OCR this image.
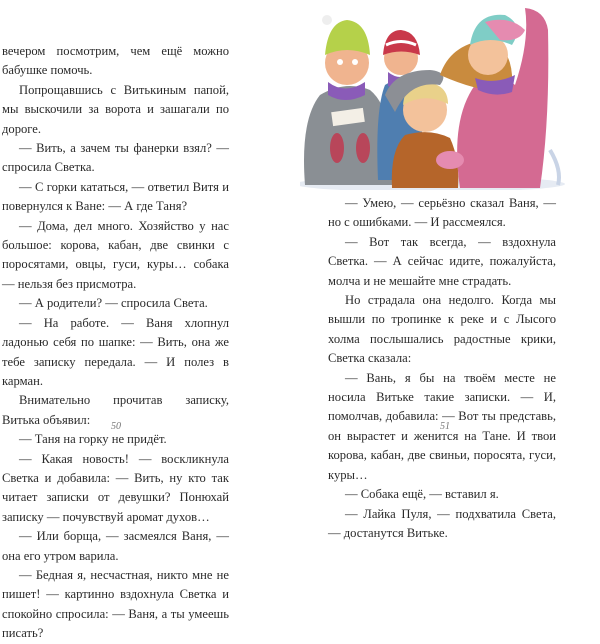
вечером посмотрим, чем ещё можно бабушке помочь.

Попрощавшись с Витькиным папой, мы выскочили за ворота и зашагали по дороге.

— Вить, а зачем ты фанерки взял? — спросила Светка.

— С горки кататься, — ответил Витя и повернулся к Ване: — А где Таня?

— Дома, дел много. Хозяйство у нас большое: корова, кабан, две свинки с поросятами, овцы, гуси, куры… собака — нельзя без присмотра.

— А родители? — спросила Света.

— На работе. — Ваня хлопнул ладонью себя по шапке: — Вить, она же тебе записку передала. — И полез в карман.

Внимательно прочитав записку, Витька объявил:

— Таня на горку не придёт.

— Какая новость! — воскликнула Светка и добавила: — Вить, ну кто так читает записки от девушки? Понюхай записку — почувствуй аромат духов…

— Или борща, — засмеялся Ваня, — она его утром варила.

— Бедная я, несчастная, никто мне не пишет! — картинно вздохнула Светка и спокойно спросила: — Ваня, а ты умеешь писать?

50

— Умею, — серьёзно сказал Ваня, — но с ошибками. — И рассмеялся.

— Вот так всегда, — вздохнула Светка. — А сейчас идите, пожалуйста, молча и не мешайте мне страдать.

Но страдала она недолго. Когда мы вышли по тропинке к реке и с Лысого холма послышались радостные крики, Светка сказала:

— Вань, я бы на твоём месте не носила Витьке такие записки. — И, помолчав, добавила: — Вот ты представь, он вырастет и женится на Тане. И твои корова, кабан, две свиньи, поросята, гуси, куры…

— Собака ещё, — вставил я.

— Лайка Пуля, — подхватила Света, — достанутся Витьке.

51
